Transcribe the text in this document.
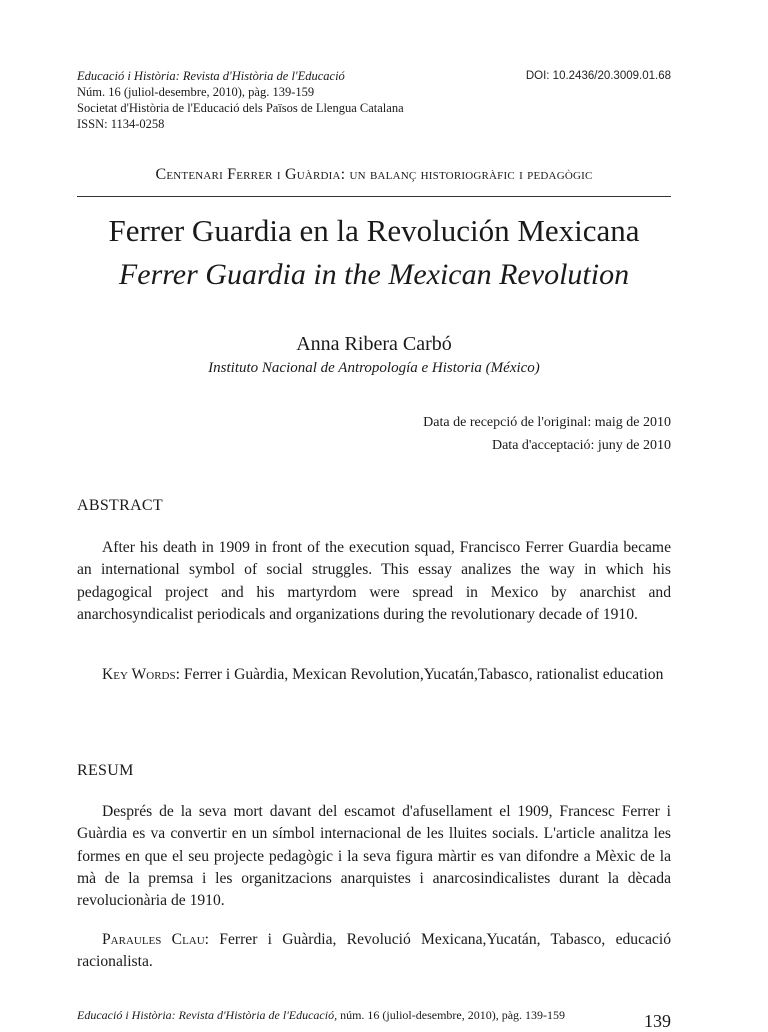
Educació i Història: Revista d'Història de l'Educació
Núm. 16 (juliol-desembre, 2010), pàg. 139-159
Societat d'Història de l'Educació dels Països de Llengua Catalana
ISSN: 1134-0258
DOI: 10.2436/20.3009.01.68
Centenari Ferrer i Guàrdia: un balanç historiogràfic i pedagògic
Ferrer Guardia en la Revolución Mexicana
Ferrer Guardia in the Mexican Revolution
Anna Ribera Carbó
Instituto Nacional de Antropología e Historia (México)
Data de recepció de l'original: maig de 2010
Data d'acceptació: juny de 2010
ABSTRACT
After his death in 1909 in front of the execution squad, Francisco Ferrer Guardia became an international symbol of social struggles. This essay analizes the way in which his pedagogical project and his martyrdom were spread in Mexico by anarchist and anarchosyndicalist periodicals and organizations during the revolutionary decade of 1910.
Key Words: Ferrer i Guàrdia, Mexican Revolution,Yucatán,Tabasco, rationalist education
RESUM
Després de la seva mort davant del escamot d'afusellament el 1909, Francesc Ferrer i Guàrdia es va convertir en un símbol internacional de les lluites socials. L'article analitza les formes en que el seu projecte pedagògic i la seva figura màrtir es van difondre a Mèxic de la mà de la premsa i les organitzacions anarquistes i anarcosindicalistes durant la dècada revolucionària de 1910.
Paraules Clau: Ferrer i Guàrdia, Revolució Mexicana,Yucatán, Tabasco, educació racionalista.
Educació i Història: Revista d'Història de l'Educació, núm. 16 (juliol-desembre, 2010), pàg. 139-159	139
